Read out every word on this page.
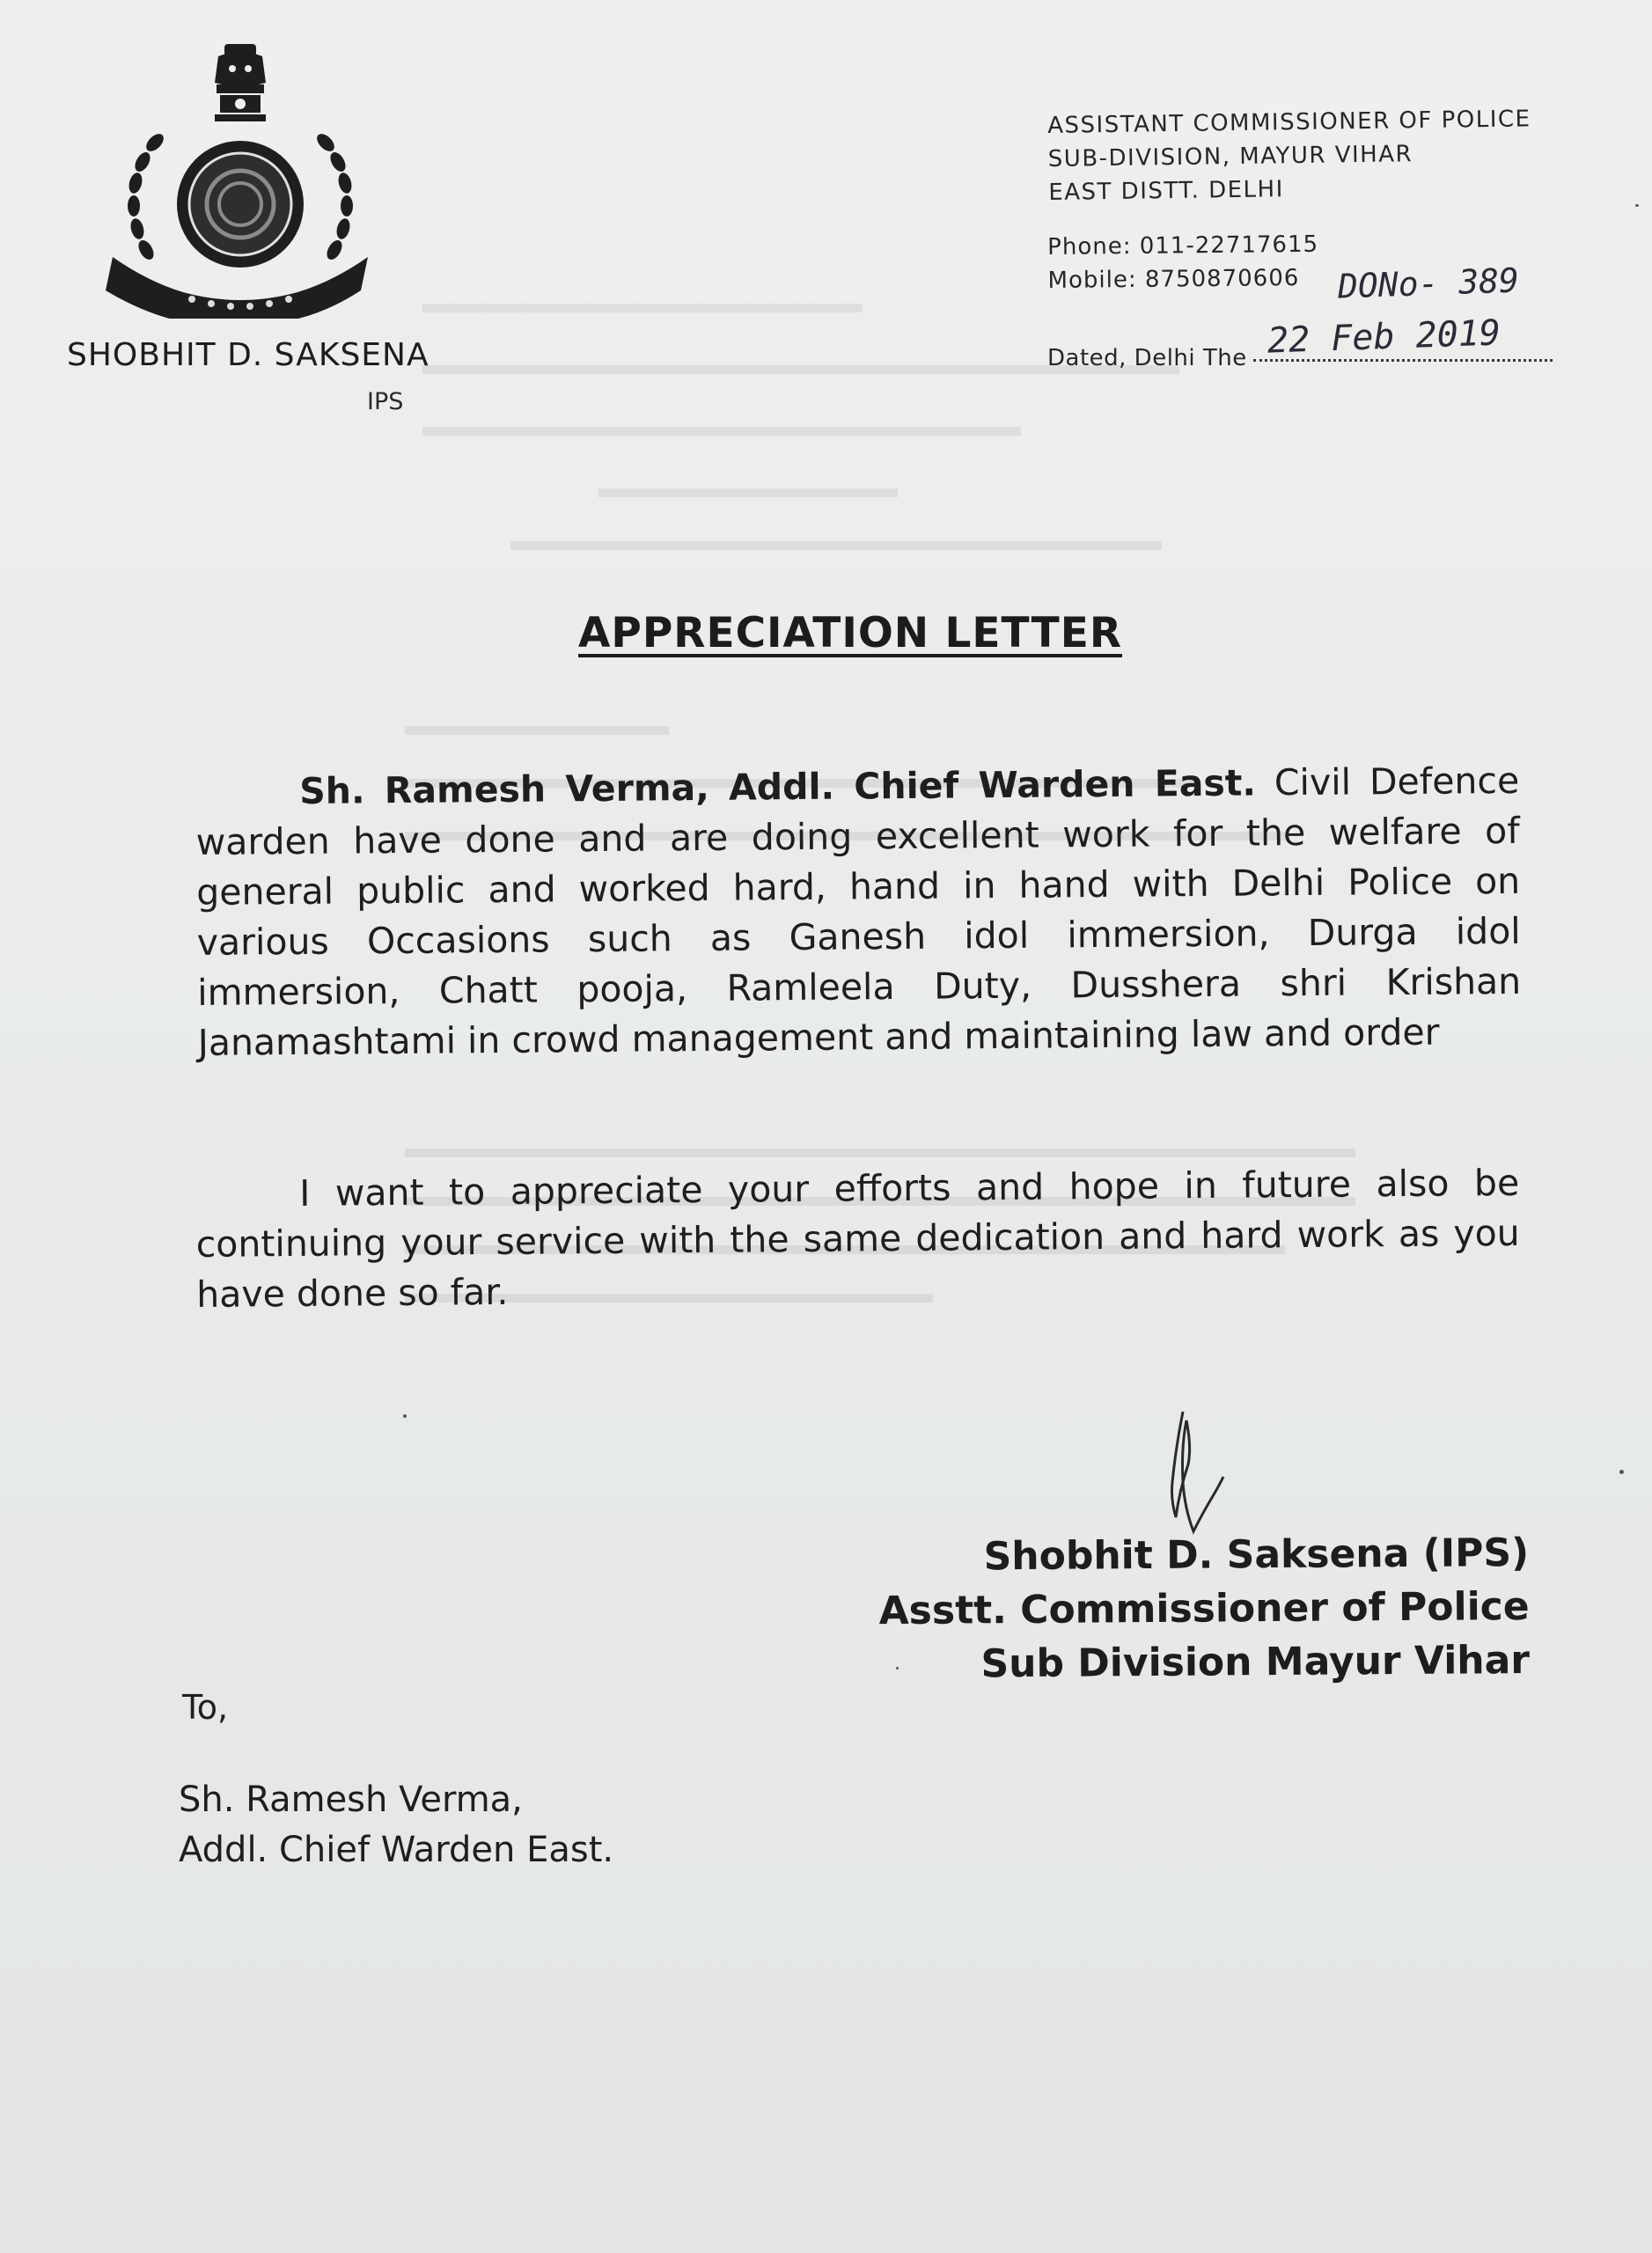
SHOBHIT D. SAKSENA
IPS
ASSISTANT COMMISSIONER OF POLICE
SUB-DIVISION, MAYUR VIHAR
EAST DISTT. DELHI
Phone: 011-22717615
Mobile: 8750870606	DONo- 389
Dated, Delhi The 22 Feb 2019
APPRECIATION LETTER
Sh. Ramesh Verma, Addl. Chief Warden East. Civil Defence warden have done and are doing excellent work for the welfare of general public and worked hard, hand in hand with Delhi Police on various Occasions such as Ganesh idol immersion, Durga idol immersion, Chatt pooja, Ramleela Duty, Dusshera shri Krishan Janamashtami in crowd management and maintaining law and order
I want to appreciate your efforts and hope in future also be continuing your service with the same dedication and hard work as you have done so far.
Shobhit D. Saksena (IPS)
Asstt. Commissioner of Police
Sub Division Mayur Vihar
To,
Sh. Ramesh Verma,
Addl. Chief Warden East.
